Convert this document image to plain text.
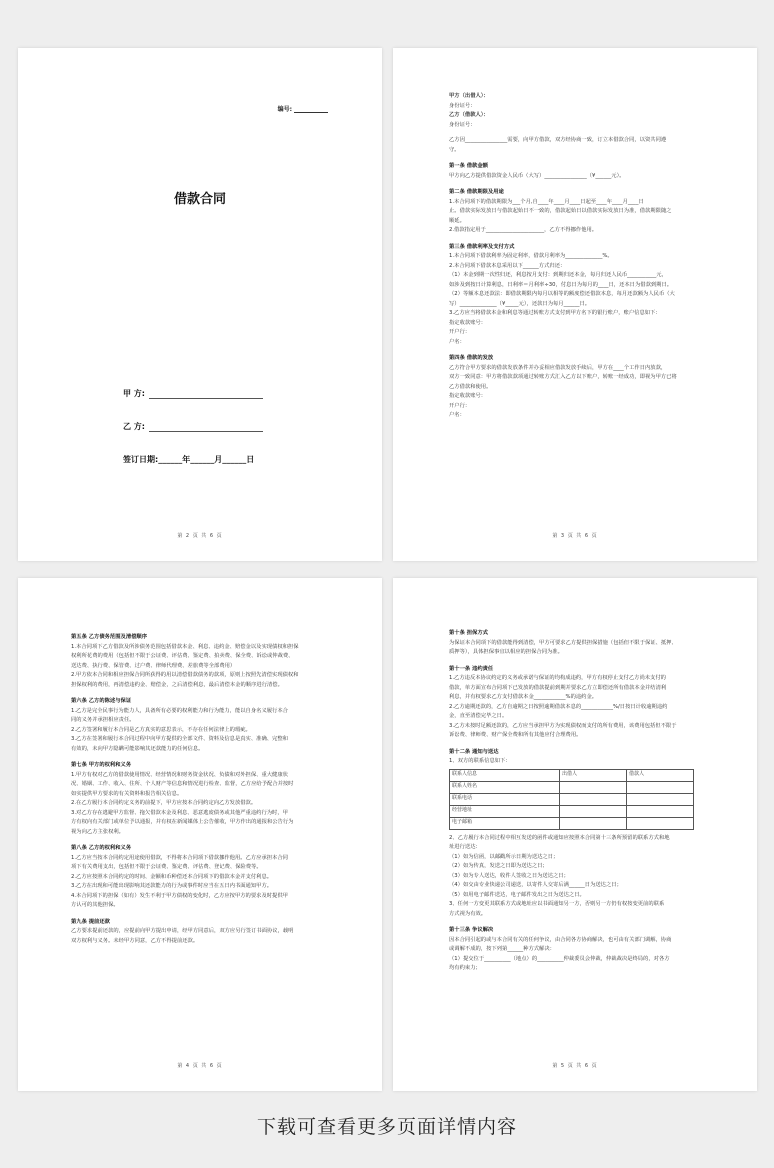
编号:
借款合同
甲 方:
乙 方:
签订日期:______年______月______日
第 2 页 共 6 页

甲方（出借人）：

身份证号：

乙方（借款人）：

身份证号：

乙方因________________需要，向甲方借款，双方经协商一致，订立本借款合同，以资共同遵

守。

第一条 借款金额

甲方向乙方提供借款资金人民币（大写）________________（¥______元）。

第二条 借款期限及用途

1.本合同项下的借款期限为___个月,自____年____月____日起至____年____月____日

止。借款实际发放日与借款起始日不一致的，借款起始日以借款实际发放日为准，借款期限随之

顺延。

2.借款指定用于______________________，乙方不得挪作他用。

第三条 借款利率及支付方式

1.本合同项下借款利率为固定利率，借款月利率为______________%。

2.本合同项下借款本息采用以下______方式归还：

（1）本金到期一次性归还，利息按月支付：到期归还本金，每月归还人民币___________元，

如涉及到按日计算利息，日利率＝月利率÷30，付息日为每月的____日，还本日为借款到期日。

（2）等额本息还款法：即借款期限内每月以相等的额度偿还借款本息，每月还款额为人民币（大

写）______________（¥_____元），还款日为每月______日。

3.乙方应当将借款本金和利息等通过转账方式支付到甲方名下的银行账户，账户信息如下：

指定收款账号：

开户行：

户名：

第四条 借款的发放

乙方符合甲方要求的借款发放条件并办妥相应借款发放手续后，甲方在____个工作日内放款，

双方一致同意：甲方将借款款项通过转账方式汇入乙方以下账户，转账一经成功，即视为甲方已将

乙方借款和使用。

指定收款账号：

开户行：

户名：

第 3 页 共 6 页

第五条 乙方债务范围及清偿顺序

1.本合同项下乙方借款及所涉债务范围包括借款本金、利息、违约金、赔偿金以及实现债权和担保

权利所花费的费用（包括但不限于公证费、评估费、鉴定费、拍卖费、保全费、诉讼或仲裁费、

送达费、执行费、保管费、过户费、律师代理费、差旅费等全部费用）

2.甲方依本合同和相应担保合同所获得的用以清偿借款债务的款项，原则上按照先清偿实现债权和

担保权利的费用，再清偿违约金、赔偿金，之后清偿利息，最后清偿本金的顺序进行清偿。

第六条 乙方的陈述与保证

1.乙方是完全民事行为能力人，具备所有必要的权利能力和行为能力，能以自身名义履行本合

同的义务并承担相应责任。

2.乙方签署和履行本合同是乙方真实的意思表示，不存在任何法律上的瑕疵。

3.乙方在签署和履行本合同过程中向甲方提供的全部文件、资料及信息是真实、准确、完整和

有效的，未向甲方隐瞒可能影响其还款能力的任何信息。

第七条 甲方的权利和义务

1.甲方有权对乙方的借款使用情况、经营情况和财务资金状况、负债和对外担保、重大健康状

况、婚姻、工作、收入、住所、个人财产等信息和情况进行检查、监督，乙方应给予配合并按时

如实提供甲方要求的有关资料和报告相关信息。

2.在乙方履行本合同约定义务的前提下，甲方应按本合同约定向乙方发放借款。

3.对乙方存在逃避甲方监督、拖欠借款本金及利息、恶意逃废债务或其他严重违约行为时，甲

方有权向有关部门或单位予以通报，并有权在新闻媒体上公告催收，甲方作出的通报和公告行为

视为向乙方主张权利。

第八条 乙方的权利和义务

1.乙方应当按本合同约定用途使用借款，不得将本合同项下借款挪作他用。乙方应承担本合同

项下有关费用支出，包括但不限于公证费、鉴定费、评估费、登记费、保险费等。

2.乙方应按照本合同约定的时间、金额和币种偿还本合同项下的借款本金并支付利息。

3.乙方在出现和可能出现影响其还款能力的行为或事件时应当在五日内书面通知甲方。

4.本合同项下的担保（如有）发生不利于甲方债权的变化时，乙方应按甲方的要求及时提供甲

方认可的其他担保。

第九条 提前还款

乙方要求提前还款的，应提前向甲方提出申请，经甲方同意后，双方应另行签订书面协议，载明

双方权利与义务。未经甲方同意，乙方不得提前还款。

第 4 页 共 6 页

第十条 担保方式

为保证本合同项下的借款能得到清偿，甲方可要求乙方提供担保措施（包括但不限于保证、抵押、

质押等），具体担保事宜以相应的担保合同为准。

第十一条 违约责任

1.乙方违反本协议约定的义务或承诺与保证的均构成违约，甲方有权停止支付乙方尚未支付的

借款，单方面宣布合同项下已发放的借款提前到期并要求乙方立即偿还所有借款本金并结清利

利息，并有权要求乙方支付借款本金____________%的违约金。

2.乙方逾期还款的，乙方自逾期之日按照逾期借款本息的____________%/日按日计收逾期违约

金，直至清偿完毕之日。

3.乙方未按时足额还款的，乙方应当承担甲方为实现债权而支付的所有费用，该费用包括但不限于

诉讼费、律师费、财产保全费和所有其他应付合理费用。

第十二条 通知与送达

1、双方的联系信息如下：

联系人信息	出借人	借款人
联系人姓名		
联系电话		
经营地址		
电子邮箱		

2、乙方履行本合同过程中相互发送的函件或通知应按照本合同第十三条所预留的联系方式和地

址进行送达：

（1）如为信函，以邮戳所示日期为送达之日；

（2）如为传真，发送之日即为送达之日；

（3）如为专人送达，收件人签收之日为送达之日；

（4）如交由专业快递公司递送，以寄件人交寄后满______日为送达之日；

（5）如用电子邮件送达，电子邮件发出之日为送达之日。

3、任何一方变更其联系方式或地址应以书面通知另一方，否则另一方仍有权按变更前的联系

方式视为有效。

第十三条 争议解决

因本合同引起的或与本合同有关的任何争议，由合同各方协商解决，也可由有关部门调解，协商

或调解不成的，按下列第______种方式解决：

（1）提交位于__________（地点）的__________仲裁委员会仲裁，仲裁裁决是终局的，对各方

均有约束力；

第 5 页 共 6 页
下载可查看更多页面详情内容
